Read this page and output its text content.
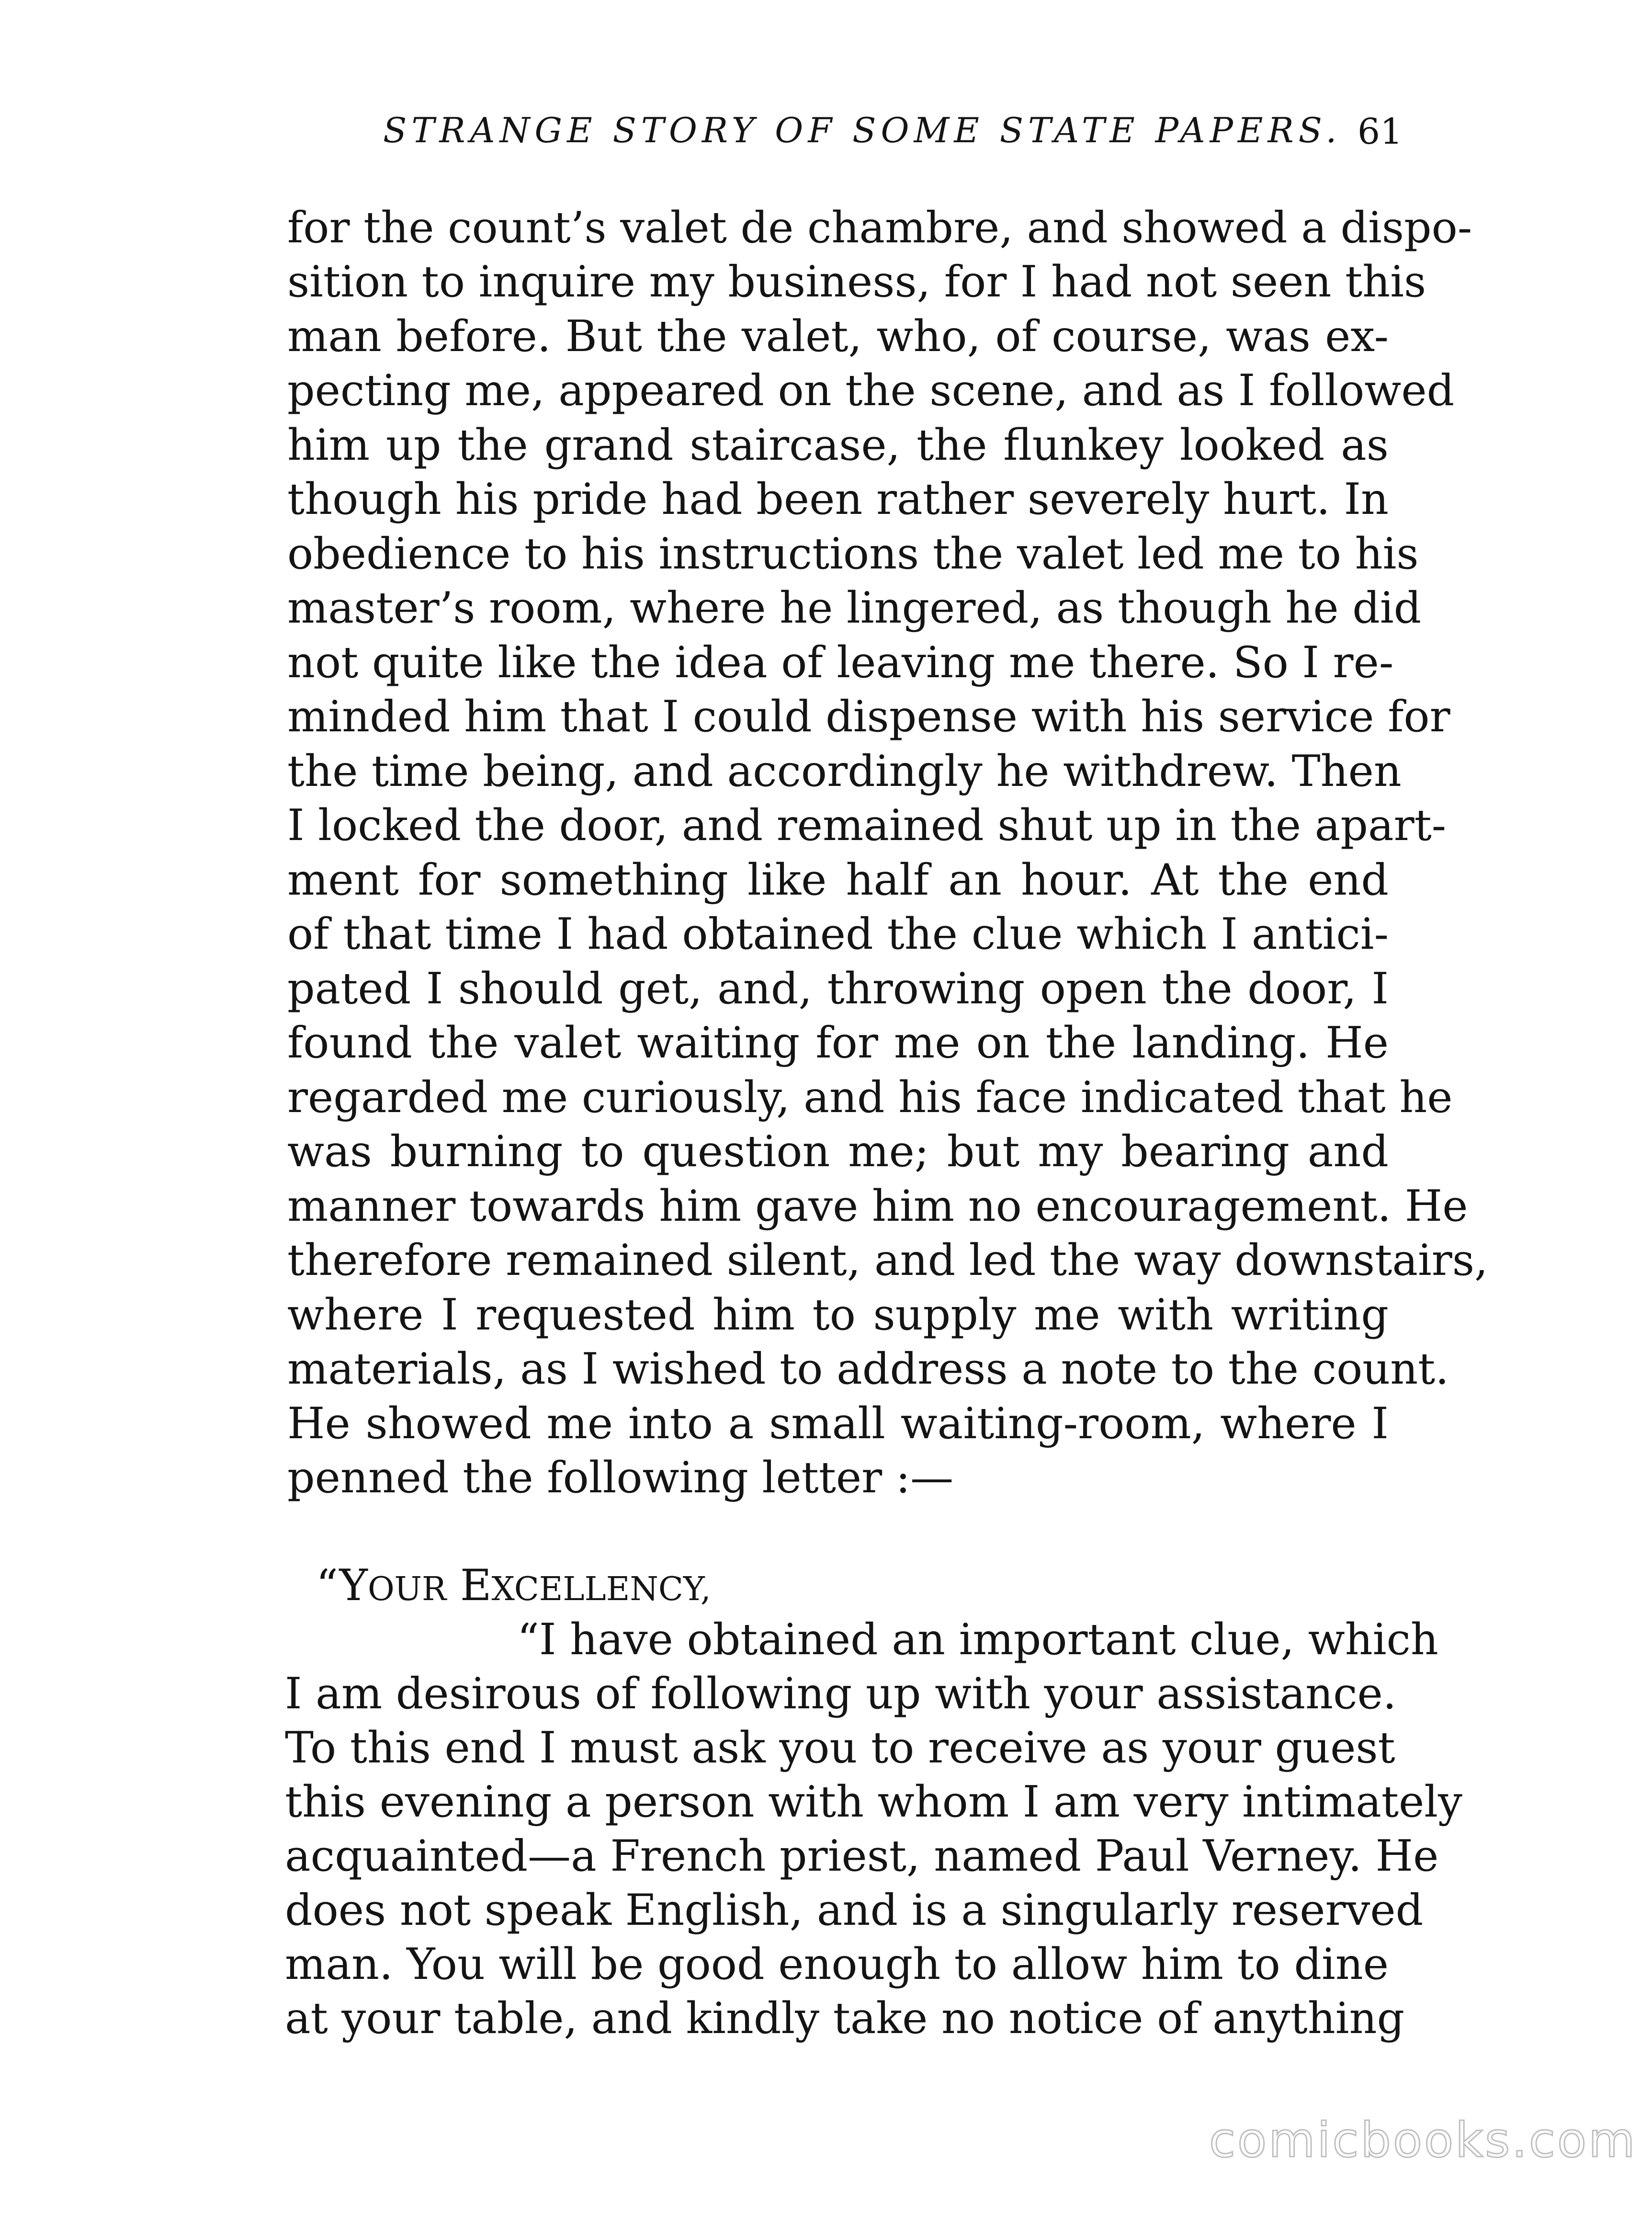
STRANGE STORY OF SOME STATE PAPERS. 61
for the count’s valet de chambre, and showed a dispo-
sition to inquire my business, for I had not seen this
man before. But the valet, who, of course, was ex-
pecting me, appeared on the scene, and as I followed
him up the grand staircase, the flunkey looked as
though his pride had been rather severely hurt. In
obedience to his instructions the valet led me to his
master’s room, where he lingered, as though he did
not quite like the idea of leaving me there. So I re-
minded him that I could dispense with his service for
the time being, and accordingly he withdrew. Then
I locked the door, and remained shut up in the apart-
ment for something like half an hour. At the end
of that time I had obtained the clue which I antici-
pated I should get, and, throwing open the door, I
found the valet waiting for me on the landing. He
regarded me curiously, and his face indicated that he
was burning to question me; but my bearing and
manner towards him gave him no encouragement. He
therefore remained silent, and led the way downstairs,
where I requested him to supply me with writing
materials, as I wished to address a note to the count.
He showed me into a small waiting-room, where I
penned the following letter :—
“YOUR EXCELLENCY,
“I have obtained an important clue, which
I am desirous of following up with your assistance.
To this end I must ask you to receive as your guest
this evening a person with whom I am very intimately
acquainted—a French priest, named Paul Verney. He
does not speak English, and is a singularly reserved
man. You will be good enough to allow him to dine
at your table, and kindly take no notice of anything
comicbooks.com
